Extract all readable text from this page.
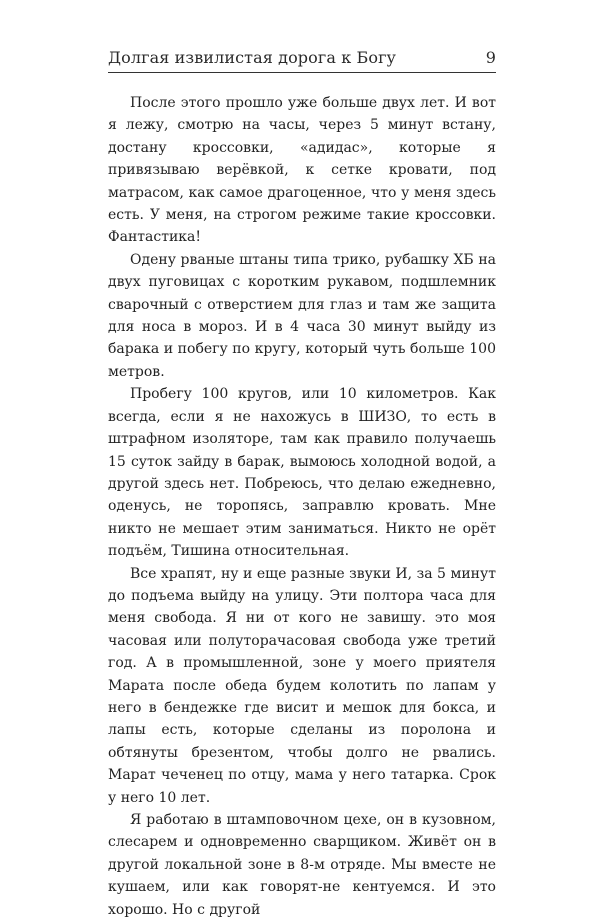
Долгая извилистая дорога к Богу	9

После этого прошло уже больше двух лет. И вот я лежу, смотрю на часы, через 5 минут встану, достану кроссовки, «адидас», которые я привязываю верёвкой, к сетке кровати, под матрасом, как самое драгоценное, что у меня здесь есть. У меня, на строгом режиме такие кроссовки. Фантастика!

Одену рваные штаны типа трико, рубашку ХБ на двух пуговицах с коротким рукавом, подшлемник сварочный с отверстием для глаз и там же защита для носа в мороз. И в 4 часа 30 минут выйду из барака и побегу по кругу, который чуть больше 100 метров.

Пробегу 100 кругов, или 10 километров. Как всегда, если я не нахожусь в ШИЗО, то есть в штрафном изоляторе, там как правило получаешь 15 суток зайду в барак, вымоюсь холодной водой, а другой здесь нет. Побреюсь, что делаю ежедневно, оденусь, не торопясь, заправлю кровать. Мне никто не мешает этим заниматься. Никто не орёт подъём, Тишина относительная.

Все храпят, ну и еще разные звуки И, за 5 минут до подъема выйду на улицу. Эти полтора часа для меня свобода. Я ни от кого не завишу. это моя часовая или полуторачасовая свобода уже третий год. А в промышленной, зоне у моего приятеля Марата после обеда будем колотить по лапам у него в бендежке где висит и мешок для бокса, и лапы есть, которые сделаны из поролона и обтянуты брезентом, чтобы долго не рвались. Марат чеченец по отцу, мама у него татарка. Срок у него 10 лет.

Я работаю в штамповочном цехе, он в кузовном, слесарем и одновременно сварщиком. Живёт он в другой локальной зоне в 8-м отряде. Мы вместе не кушаем, или как говорят-не кентуемся. И это хорошо. Но с другой
